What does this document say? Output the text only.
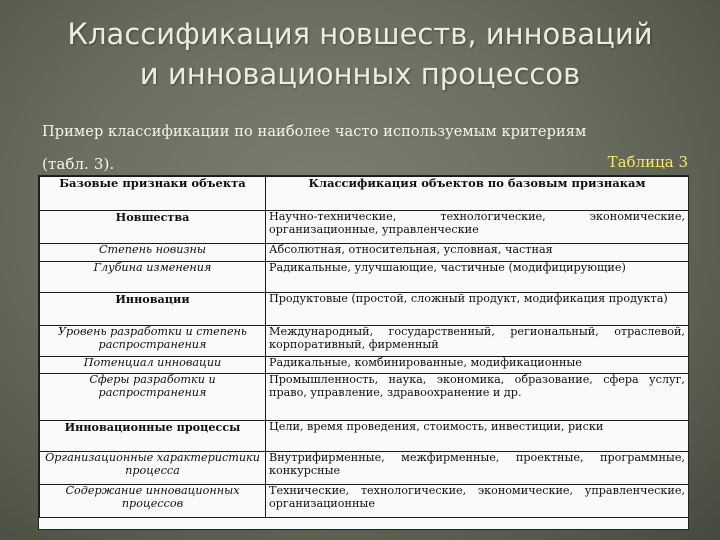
Классификация новшеств, инноваций
и инновационных процессов
Пример классификации по наиболее часто используемым критериям
(табл. 3).	Таблица 3
Базовые признаки объекта	Классификация объектов по базовым признакам
Новшества	Научно-технические, технологические, экономические, организационные, управленческие
Степень новизны	Абсолютная, относительная, условная, частная
Глубина изменения	Радикальные, улучшающие, частичные (модифицирующие)
Инновации	Продуктовые (простой, сложный продукт, модификация продукта)
Уровень разработки и степень распространения	Международный, государственный, региональный, отраслевой, корпоративный, фирменный
Потенциал инновации	Радикальные, комбинированные, модификационные
Сферы разработки и распространения	Промышленность, наука, экономика, образование, сфера услуг, право, управление, здравоохранение и др.
Инновационные процессы	Цели, время проведения, стоимость, инвестиции, риски
Организационные характеристики процесса	Внутрифирменные, межфирменные, проектные, программные, конкурсные
Содержание инновационных процессов	Технические, технологические, экономические, управленческие, организационные
